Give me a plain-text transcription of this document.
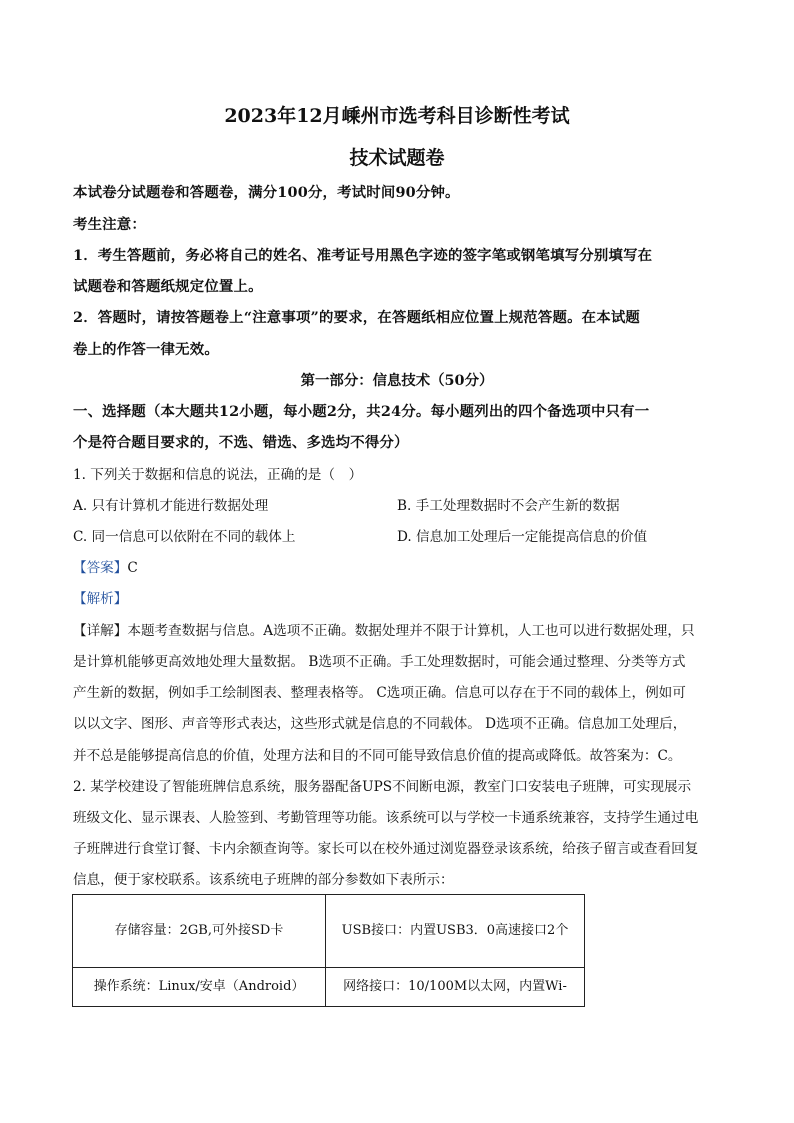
2023年12月嵊州市选考科目诊断性考试
技术试题卷
本试卷分试题卷和答题卷，满分100分，考试时间90分钟。
考生注意：
1．考生答题前，务必将自己的姓名、准考证号用黑色字迹的签字笔或钢笔填写分别填写在
试题卷和答题纸规定位置上。
2．答题时，请按答题卷上“注意事项”的要求，在答题纸相应位置上规范答题。在本试题
卷上的作答一律无效。
第一部分：信息技术（50分）
一、选择题（本大题共12小题，每小题2分，共24分。每小题列出的四个备选项中只有一
个是符合题目要求的，不选、错选、多选均不得分）
1. 下列关于数据和信息的说法，正确的是（　）
A. 只有计算机才能进行数据处理	B. 手工处理数据时不会产生新的数据
C. 同一信息可以依附在不同的载体上	D. 信息加工处理后一定能提高信息的价值
【答案】C
【解析】
【详解】本题考查数据与信息。A选项不正确。数据处理并不限于计算机，人工也可以进行数据处理，只
是计算机能够更高效地处理大量数据。 B选项不正确。手工处理数据时，可能会通过整理、分类等方式
产生新的数据，例如手工绘制图表、整理表格等。 C选项正确。信息可以存在于不同的载体上，例如可
以以文字、图形、声音等形式表达，这些形式就是信息的不同载体。 D选项不正确。信息加工处理后，
并不总是能够提高信息的价值，处理方法和目的不同可能导致信息价值的提高或降低。故答案为：C。
2. 某学校建设了智能班牌信息系统，服务器配备UPS不间断电源，教室门口安装电子班牌，可实现展示
班级文化、显示课表、人脸签到、考勤管理等功能。该系统可以与学校一卡通系统兼容，支持学生通过电
子班牌进行食堂订餐、卡内余额查询等。家长可以在校外通过浏览器登录该系统，给孩子留言或查看回复
信息，便于家校联系。该系统电子班牌的部分参数如下表所示：
存储容量：2GB,可外接SD卡	USB接口：内置USB3．0高速接口2个
操作系统：Linux/安卓（Android）	网络接口：10/100M以太网，内置Wi-
